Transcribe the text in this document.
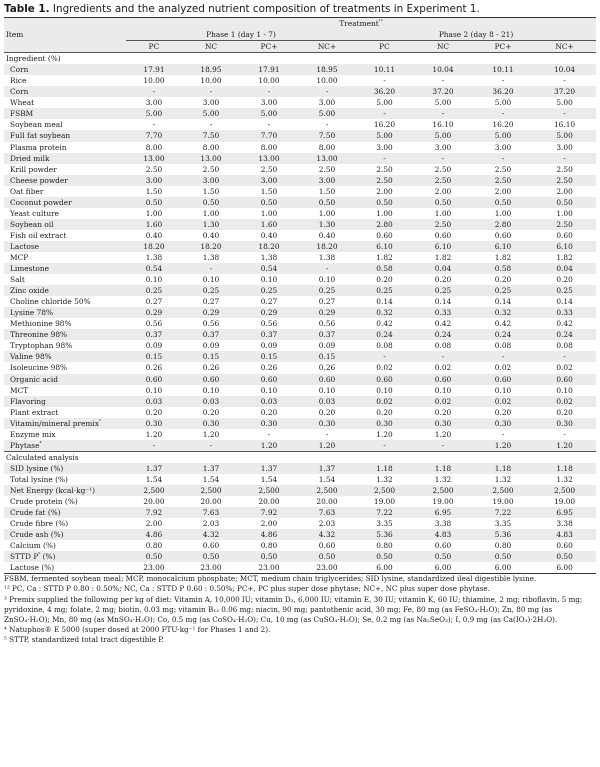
Table 1. Ingredients and the analyzed nutrient composition of treatments in Experiment 1.
	Treatment$^{^{12}}$
Item	Phase 1 (day 1 - 7)				Phase 2 (day 8 - 21)			
	PC	NC	PC+	NC+	PC	NC	PC+	NC+
Ingredient (%)								
Corn	17.91	18.95	17.91	18.95	10.11	10.04	10.11	10.04
Rice	10.00	10.00	10.00	10.00	-	-	-	-
Corn	-	-	-	-	36.20	37.20	36.20	37.20
Wheat	3.00	3.00	3.00	3.00	5.00	5.00	5.00	5.00
FSBM	5.00	5.00	5.00	5.00	-	-	-	-
Soybean meal	-	-	-	-	16.20	16.10	16.20	16.10
Full fat soybean	7.70	7.50	7.70	7.50	5.00	5.00	5.00	5.00
Plasma protein	8.00	8.00	8.00	8.00	3.00	3.00	3.00	3.00
Dried milk	13.00	13.00	13.00	13.00	-	-	-	-
Krill powder	2.50	2.50	2.50	2.50	2.50	2.50	2.50	2.50
Cheese powder	3.00	3.00	3.00	3.00	2.50	2.50	2.50	2.50
Oat fiber	1.50	1.50	1.50	1.50	2.00	2.00	2.00	2.00
Coconut powder	0.50	0.50	0.50	0.50	0.50	0.50	0.50	0.50
Yeast culture	1.00	1.00	1.00	1.00	1.00	1.00	1.00	1.00
Soybean oil	1.60	1.30	1.60	1.30	2.80	2.50	2.80	2.50
Fish oil extract	0.40	0.40	0.40	0.40	0.60	0.60	0.60	0.60
Lactose	18.20	18.20	18.20	18.20	6.10	6.10	6.10	6.10
MCP	1.38	1.38	1.38	1.38	1.82	1.82	1.82	1.82
Limestone	0.54	-	0.54	-	0.58	0.04	0.58	0.04
Salt	0.10	0.10	0.10	0.10	0.20	0.20	0.20	0.20
Zinc oxide	0.25	0.25	0.25	0.25	0.25	0.25	0.25	0.25
Choline chloride 50%	0.27	0.27	0.27	0.27	0.14	0.14	0.14	0.14
Lysine 78%	0.29	0.29	0.29	0.29	0.32	0.33	0.32	0.33
Methionine 98%	0.56	0.56	0.56	0.56	0.42	0.42	0.42	0.42
Threonine 98%	0.37	0.37	0.37	0.37	0.24	0.24	0.24	0.24
Tryptophan 98%	0.09	0.09	0.09	0.09	0.08	0.08	0.08	0.08
Valine 98%	0.15	0.15	0.15	0.15	-	-	-	-
Isoleucine 98%	0.26	0.26	0.26	0.26	0.02	0.02	0.02	0.02
Organic acid	0.60	0.60	0.60	0.60	0.60	0.60	0.60	0.60
MCT	0.10	0.10	0.10	0.10	0.10	0.10	0.10	0.10
Flavoring	0.03	0.03	0.03	0.03	0.02	0.02	0.02	0.02
Plant extract	0.20	0.20	0.20	0.20	0.20	0.20	0.20	0.20
Vitamin/mineral premix$^{^3}$	0.30	0.30	0.30	0.30	0.30	0.30	0.30	0.30
Enzyme mix	1.20	1.20	-	-	1.20	1.20	-	-
Phytase$^{^4}$	-	-	1.20	1.20	-	-	1.20	1.20
Calculated analysis								
SID lysine (%)	1.37	1.37	1.37	1.37	1.18	1.18	1.18	1.18
Total lysine (%)	1.54	1.54	1.54	1.54	1.32	1.32	1.32	1.32
Net Energy (kcal·kg⁻¹)	2,500	2,500	2,500	2,500	2,500	2,500	2,500	2,500
Crude protein (%)	20.00	20.00	20.00	20.00	19.00	19.00	19.00	19.00
Crude fat (%)	7.92	7.63	7.92	7.63	7.22	6.95	7.22	6.95
Crude fibre (%)	2.00	2.03	2.00	2.03	3.35	3.38	3.35	3.38
Crude ash (%)	4.86	4.32	4.86	4.32	5.36	4.83	5.36	4.83
Calcium (%)	0.80	0.60	0.80	0.60	0.80	0.60	0.80	0.60
STTD $P^{^5}$ (%)	0.50	0.50	0.50	0.50	0.50	0.50	0.50	0.50
Lactose (%)	23.00	23.00	23.00	23.00	6.00	6.00	6.00	6.00
FSBM, fermented soybean meal; MCP, monocalcium phosphate; MCT, medium chain triglycerides; SID lysine, standardized ileal digestible lysine.
¹² PC, Ca : STTD P 0.80 : 0.50%; NC, Ca : STTD P 0.60 : 0.50%; PC+, PC plus super dose phytase; NC+, NC plus super dose phytase.
³ Premix supplied the following per kg of diet: Vitamin A, 10,000 IU; vitamin D₃, 6,000 IU; vitamin E, 30 IU; vitamin K, 60 IU; thiamine, 2 mg; riboflavin, 5 mg; pyridoxine, 4 mg; folate, 2 mg; biotin, 0.03 mg; vitamin B₁₂ 0.06 mg; niacin, 90 mg; pantothenic acid, 30 mg; Fe, 80 mg (as FeSO₄·H₂O); Zn, 80 mg (as ZnSO₄·H₂O); Mn, 80 mg (as MnSO₄·H₂O); Co, 0.5 mg (as CoSO₄·H₂O); Cu, 10 mg (as CuSO₄·H₂O); Se, 0.2 mg (as Na₂SeO₃); I, 0.9 mg (as Ca(IO₃)·2H₂O).
⁴ Natuphos® E 5000 (super dosed at 2000 FTU·kg⁻¹ for Phases 1 and 2).
⁵ STTP, standardized total tract digestible P.
